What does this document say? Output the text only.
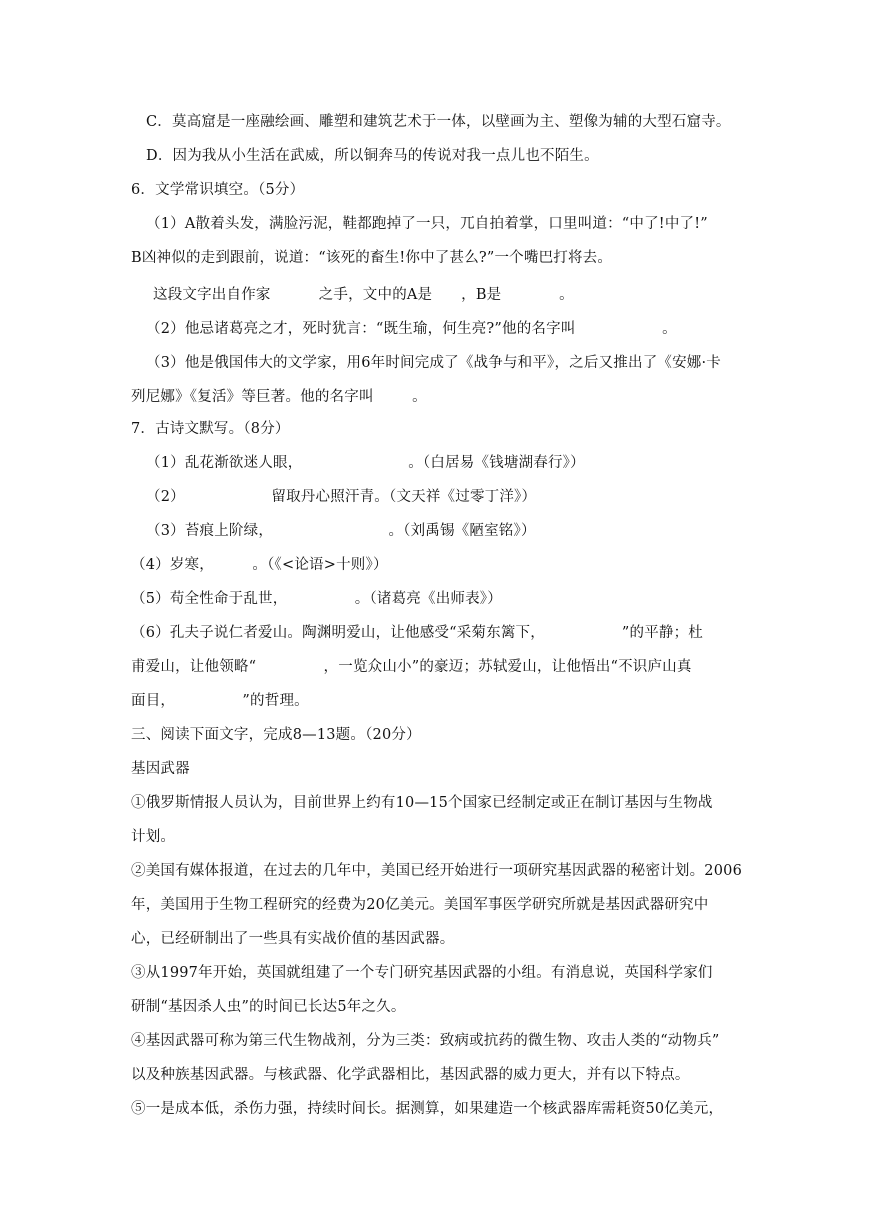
C．莫高窟是一座融绘画、雕塑和建筑艺术于一体，以壁画为主、塑像为辅的大型石窟寺。
D．因为我从小生活在武威，所以铜奔马的传说对我一点儿也不陌生。
6．文学常识填空。（5分）
（1）A散着头发，满脸污泥，鞋都跑掉了一只，兀自拍着掌，口里叫道：“中了!中了!”
B凶神似的走到跟前，说道：“该死的畜生!你中了甚么?”一个嘴巴打将去。
这段文字出自作家          之手，文中的A是      ，B是            。
（2）他忌诸葛亮之才，死时犹言：“既生瑜，何生亮?”他的名字叫                  。
（3）他是俄国伟大的文学家，用6年时间完成了《战争与和平》，之后又推出了《安娜·卡
列尼娜》《复活》等巨著。他的名字叫        。
7．古诗文默写。（8分）
（1）乱花渐欲迷人眼，                      。（白居易《钱塘湖春行》）
（2）                  留取丹心照汗青。（文天祥《过零丁洋》）
（3）苔痕上阶绿，                        。（刘禹锡《陋室铭》）
（4）岁寒，        。（《<论语>十则》）
（5）苟全性命于乱世，              。（诸葛亮《出师表》）
（6）孔夫子说仁者爱山。陶渊明爱山，让他感受“采菊东篱下，                ”的平静；杜
甫爱山，让他领略“              ，一览众山小”的豪迈；苏轼爱山，让他悟出“不识庐山真
面目，              ”的哲理。
三、阅读下面文字，完成8—13题。（20分）
基因武器
①俄罗斯情报人员认为，目前世界上约有10—15个国家已经制定或正在制订基因与生物战
计划。
②美国有媒体报道，在过去的几年中，美国已经开始进行一项研究基因武器的秘密计划。2006
年，美国用于生物工程研究的经费为20亿美元。美国军事医学研究所就是基因武器研究中
心，已经研制出了一些具有实战价值的基因武器。
③从1997年开始，英国就组建了一个专门研究基因武器的小组。有消息说，英国科学家们
研制“基因杀人虫”的时间已长达5年之久。
④基因武器可称为第三代生物战剂，分为三类：致病或抗药的微生物、攻击人类的“动物兵”
以及种族基因武器。与核武器、化学武器相比，基因武器的威力更大，并有以下特点。
⑤一是成本低，杀伤力强，持续时间长。据测算，如果建造一个核武器库需耗资50亿美元，
